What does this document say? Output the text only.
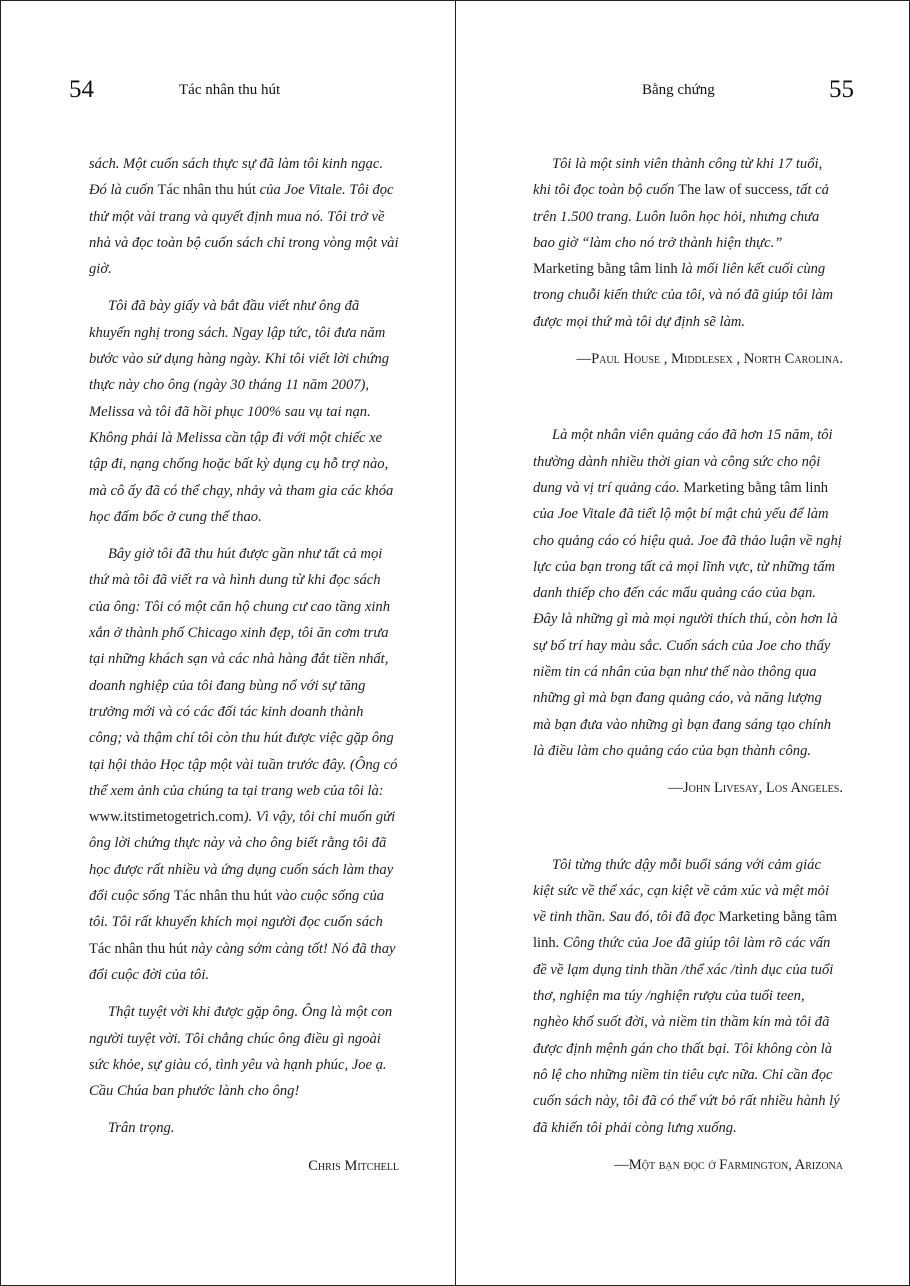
54	Tác nhân thu hút

sách. Một cuốn sách thực sự đã làm tôi kinh ngạc. Đó là cuốn Tác nhân thu hút của Joe Vitale. Tôi đọc thử một vài trang và quyết định mua nó. Tôi trở về nhà và đọc toàn bộ cuốn sách chỉ trong vòng một vài giờ.

Tôi đã bày giấy và bắt đầu viết như ông đã khuyến nghị trong sách. Ngay lập tức, tôi đưa năm bước vào sử dụng hàng ngày. Khi tôi viết lời chứng thực này cho ông (ngày 30 tháng 11 năm 2007), Melissa và tôi đã hồi phục 100% sau vụ tai nạn. Không phải là Melissa cần tập đi với một chiếc xe tập đi, nạng chống hoặc bất kỳ dụng cụ hỗ trợ nào, mà cô ấy đã có thể chạy, nhảy và tham gia các khóa học đấm bốc ở cung thể thao.

Bây giờ tôi đã thu hút được gần như tất cả mọi thứ mà tôi đã viết ra và hình dung từ khi đọc sách của ông: Tôi có một căn hộ chung cư cao tầng xinh xắn ở thành phố Chicago xinh đẹp, tôi ăn cơm trưa tại những khách sạn và các nhà hàng đắt tiền nhất, doanh nghiệp của tôi đang bùng nổ với sự tăng trưởng mới và có các đối tác kinh doanh thành công; và thậm chí tôi còn thu hút được việc gặp ông tại hội thảo Học tập một vài tuần trước đây. (Ông có thể xem ảnh của chúng ta tại trang web của tôi là: www.itstimetogetrich.com). Vì vậy, tôi chỉ muốn gửi ông lời chứng thực này và cho ông biết rằng tôi đã học được rất nhiều và ứng dụng cuốn sách làm thay đổi cuộc sống Tác nhân thu hút vào cuộc sống của tôi. Tôi rất khuyến khích mọi người đọc cuốn sách Tác nhân thu hút này càng sớm càng tốt! Nó đã thay đổi cuộc đời của tôi.

Thật tuyệt vời khi được gặp ông. Ông là một con người tuyệt vời. Tôi chẳng chúc ông điều gì ngoài sức khỏe, sự giàu có, tình yêu và hạnh phúc, Joe ạ. Cầu Chúa ban phước lành cho ông!

Trân trọng.

Chris Mitchell

Bằng chứng	55

Tôi là một sinh viên thành công từ khi 17 tuổi, khi tôi đọc toàn bộ cuốn The law of success, tất cả trên 1.500 trang. Luôn luôn học hỏi, nhưng chưa bao giờ “làm cho nó trở thành hiện thực.” Marketing bằng tâm linh là mối liên kết cuối cùng trong chuỗi kiến thức của tôi, và nó đã giúp tôi làm được mọi thứ mà tôi dự định sẽ làm.

—Paul House , Middlesex , North Carolina.

Là một nhân viên quảng cáo đã hơn 15 năm, tôi thường dành nhiều thời gian và công sức cho nội dung và vị trí quảng cáo. Marketing bằng tâm linh của Joe Vitale đã tiết lộ một bí mật chủ yếu để làm cho quảng cáo có hiệu quả. Joe đã thảo luận về nghị lực của bạn trong tất cả mọi lĩnh vực, từ những tấm danh thiếp cho đến các mẩu quảng cáo của bạn. Đây là những gì mà mọi người thích thú, còn hơn là sự bố trí hay màu sắc. Cuốn sách của Joe cho thấy niềm tin cá nhân của bạn như thế nào thông qua những gì mà bạn đang quảng cáo, và năng lượng mà bạn đưa vào những gì bạn đang sáng tạo chính là điều làm cho quảng cáo của bạn thành công.

—John Livesay, Los Angeles.

Tôi từng thức dậy mỗi buổi sáng với cảm giác kiệt sức về thể xác, cạn kiệt về cảm xúc và mệt mỏi về tinh thần. Sau đó, tôi đã đọc Marketing bằng tâm linh. Công thức của Joe đã giúp tôi làm rõ các vấn đề về lạm dụng tinh thần /thể xác /tình dục của tuổi thơ, nghiện ma túy /nghiện rượu của tuổi teen, nghèo khổ suốt đời, và niềm tin thầm kín mà tôi đã được định mệnh gán cho thất bại. Tôi không còn là nô lệ cho những niềm tin tiêu cực nữa. Chỉ cần đọc cuốn sách này, tôi đã có thể vứt bỏ rất nhiều hành lý đã khiến tôi phải còng lưng xuống.

—Một bạn đọc ở Farmington, Arizona
